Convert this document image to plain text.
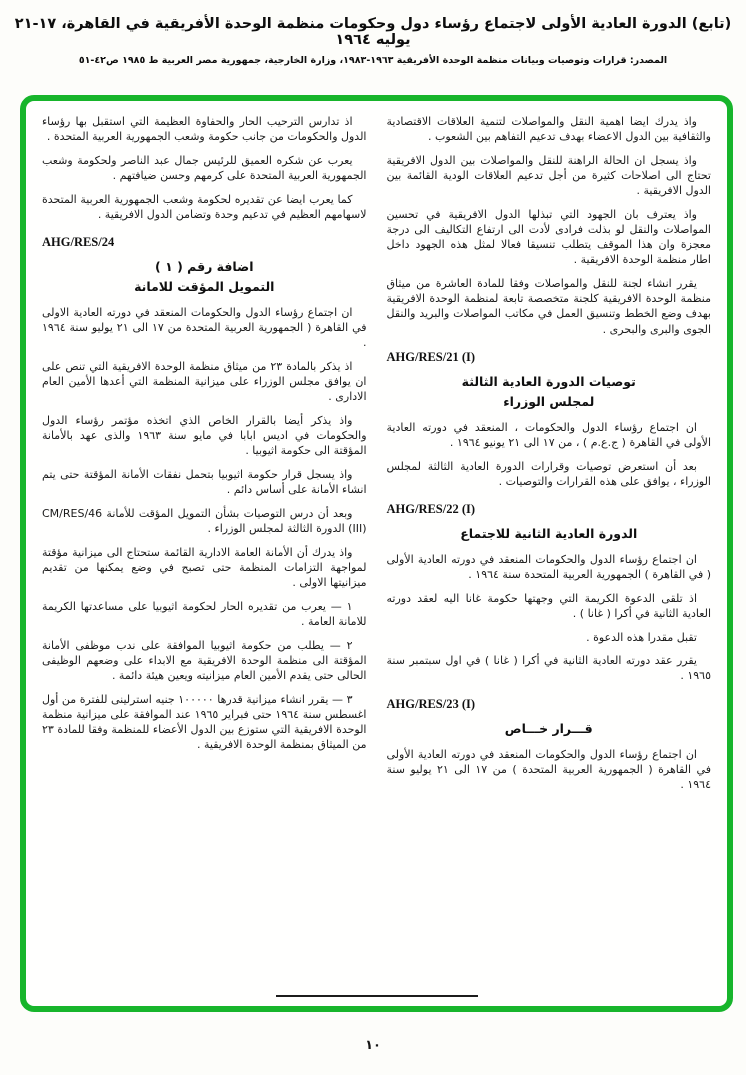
(تابع) الدورة العادية الأولى لاجتماع رؤساء دول وحكومات منظمة الوحدة الأفريقية في القاهرة، ١٧-٢١ يوليه ١٩٦٤
المصدر: قرارات وتوصيات وبيانات منظمة الوحدة الأفريقية ١٩٦٣-١٩٨٣، وزارة الخارجية، جمهورية مصر العربية ط ١٩٨٥ ص٤٢-٥١

واذ يدرك ايضا اهمية النقل والمواصلات لتنمية العلاقات الاقتصادية والثقافية بين الدول الاعضاء بهدف تدعيم التفاهم بين الشعوب .

واذ يسجل ان الحالة الراهنة للنقل والمواصلات بين الدول الافريقية تحتاج الى اصلاحات كثيرة من أجل تدعيم العلاقات الودية القائمة بين الدول الافريقية .

واذ يعترف بان الجهود التي تبذلها الدول الافريقية في تحسين المواصلات والنقل لو بذلت فرادى لأدت الى ارتفاع التكاليف الى درجة معجزة وان هذا الموقف يتطلب تنسيقا فعالا لمثل هذه الجهود داخل اطار منظمة الوحدة الافريقية .

يقرر انشاء لجنة للنقل والمواصلات وفقا للمادة العاشرة من ميثاق منظمة الوحدة الافريقية كلجنة متخصصة تابعة لمنظمة الوحدة الافريقية بهدف وضع الخطط وتنسيق العمل في مكاتب المواصلات والبريد والنقل الجوى والبرى والبحرى .

AHG/RES/21 (I)
توصيات الدورة العادية الثالثة
لمجلس الوزراء

ان اجتماع رؤساء الدول والحكومات ، المنعقد في دورته العادية الأولى في القاهرة ( ج.ع.م ) ، من ١٧ الى ٢١ يونيو ١٩٦٤ .

بعد أن استعرض توصيات وقرارات الدورة العادية الثالثة لمجلس الوزراء ، يوافق على هذه القرارات والتوصيات .

AHG/RES/22 (I)
الدورة العادية الثانية للاجتماع

ان اجتماع رؤساء الدول والحكومات المنعقد في دورته العادية الأولى ( في القاهرة ) الجمهورية العربية المتحدة سنة ١٩٦٤ .

اذ تلقى الدعوة الكريمة التي وجهتها حكومة غانا اليه لعقد دورته العادية الثانية في أكرا ( غانا ) .

تقبل مقدرا هذه الدعوة .

يقرر عقد دورته العادية الثانية في أكرا ( غانا ) في اول سبتمبر سنة ١٩٦٥ .

AHG/RES/23 (I)
قـــرار خـــاص

ان اجتماع رؤساء الدول والحكومات المنعقد في دورته العادية الأولى في القاهرة ( الجمهورية العربية المتحدة ) من ١٧ الى ٢١ يوليو سنة ١٩٦٤ .

اذ تدارس الترحيب الحار والحفاوة العظيمة التي استقبل بها رؤساء الدول والحكومات من جانب حكومة وشعب الجمهورية العربية المتحدة .

يعرب عن شكره العميق للرئيس جمال عبد الناصر ولحكومة وشعب الجمهورية العربية المتحدة على كرمهم وحسن ضيافتهم .

كما يعرب ايضا عن تقديره لحكومة وشعب الجمهورية العربية المتحدة لاسهامهم العظيم في تدعيم وحدة وتضامن الدول الافريقية .

AHG/RES/24
اضافة رقم ( ١ )
التمويل المؤقت للامانة

ان اجتماع رؤساء الدول والحكومات المنعقد في دورته العادية الاولى في القاهرة ( الجمهورية العربية المتحدة من ١٧ الى ٢١ يوليو سنة ١٩٦٤ .

اذ يذكر بالمادة ٢٣ من ميثاق منظمة الوحدة الافريقية التي تنص على ان يوافق مجلس الوزراء على ميزانية المنظمة التي أعدها الأمين العام الادارى .

واذ يذكر أيضا بالقرار الخاص الذي اتخذه مؤتمر رؤساء الدول والحكومات في اديس ابابا في مايو سنة ١٩٦٣ والذى عهد بالأمانة المؤقتة الى حكومة اثيوبيا .

واذ يسجل قرار حكومة اثيوبيا بتحمل نفقات الأمانة المؤقتة حتى يتم انشاء الأمانة على أساس دائم .

وبعد أن درس التوصيات بشأن التمويل المؤقت للأمانة CM/RES/46 (III) الدورة الثالثة لمجلس الوزراء .

واذ يدرك أن الأمانة العامة الادارية القائمة ستحتاج الى ميزانية مؤقتة لمواجهة التزامات المنظمة حتى تصبح في وضع يمكنها من تقديم ميزانيتها الاولى .

١ — يعرب من تقديره الحار لحكومة اثيوبيا على مساعدتها الكريمة للامانة العامة .

٢ — يطلب من حكومة اثيوبيا الموافقة على ندب موظفى الأمانة المؤقتة الى منظمة الوحدة الافريقية مع الابداء على وضعهم الوظيفى الحالى حتى يقدم الأمين العام ميزانيته ويعين هيئة دائمة .

٣ — يقرر انشاء ميزانية قدرها ١٠٠٠٠٠ جنيه استرلينى للفترة من أول اغسطس سنة ١٩٦٤ حتى فبراير ١٩٦٥ عند الموافقة على ميزانية منظمة الوحدة الافريقية التي ستوزع بين الدول الأعضاء للمنظمة وفقا للمادة ٢٣ من الميثاق بمنظمة الوحدة الافريقية .

١٠
